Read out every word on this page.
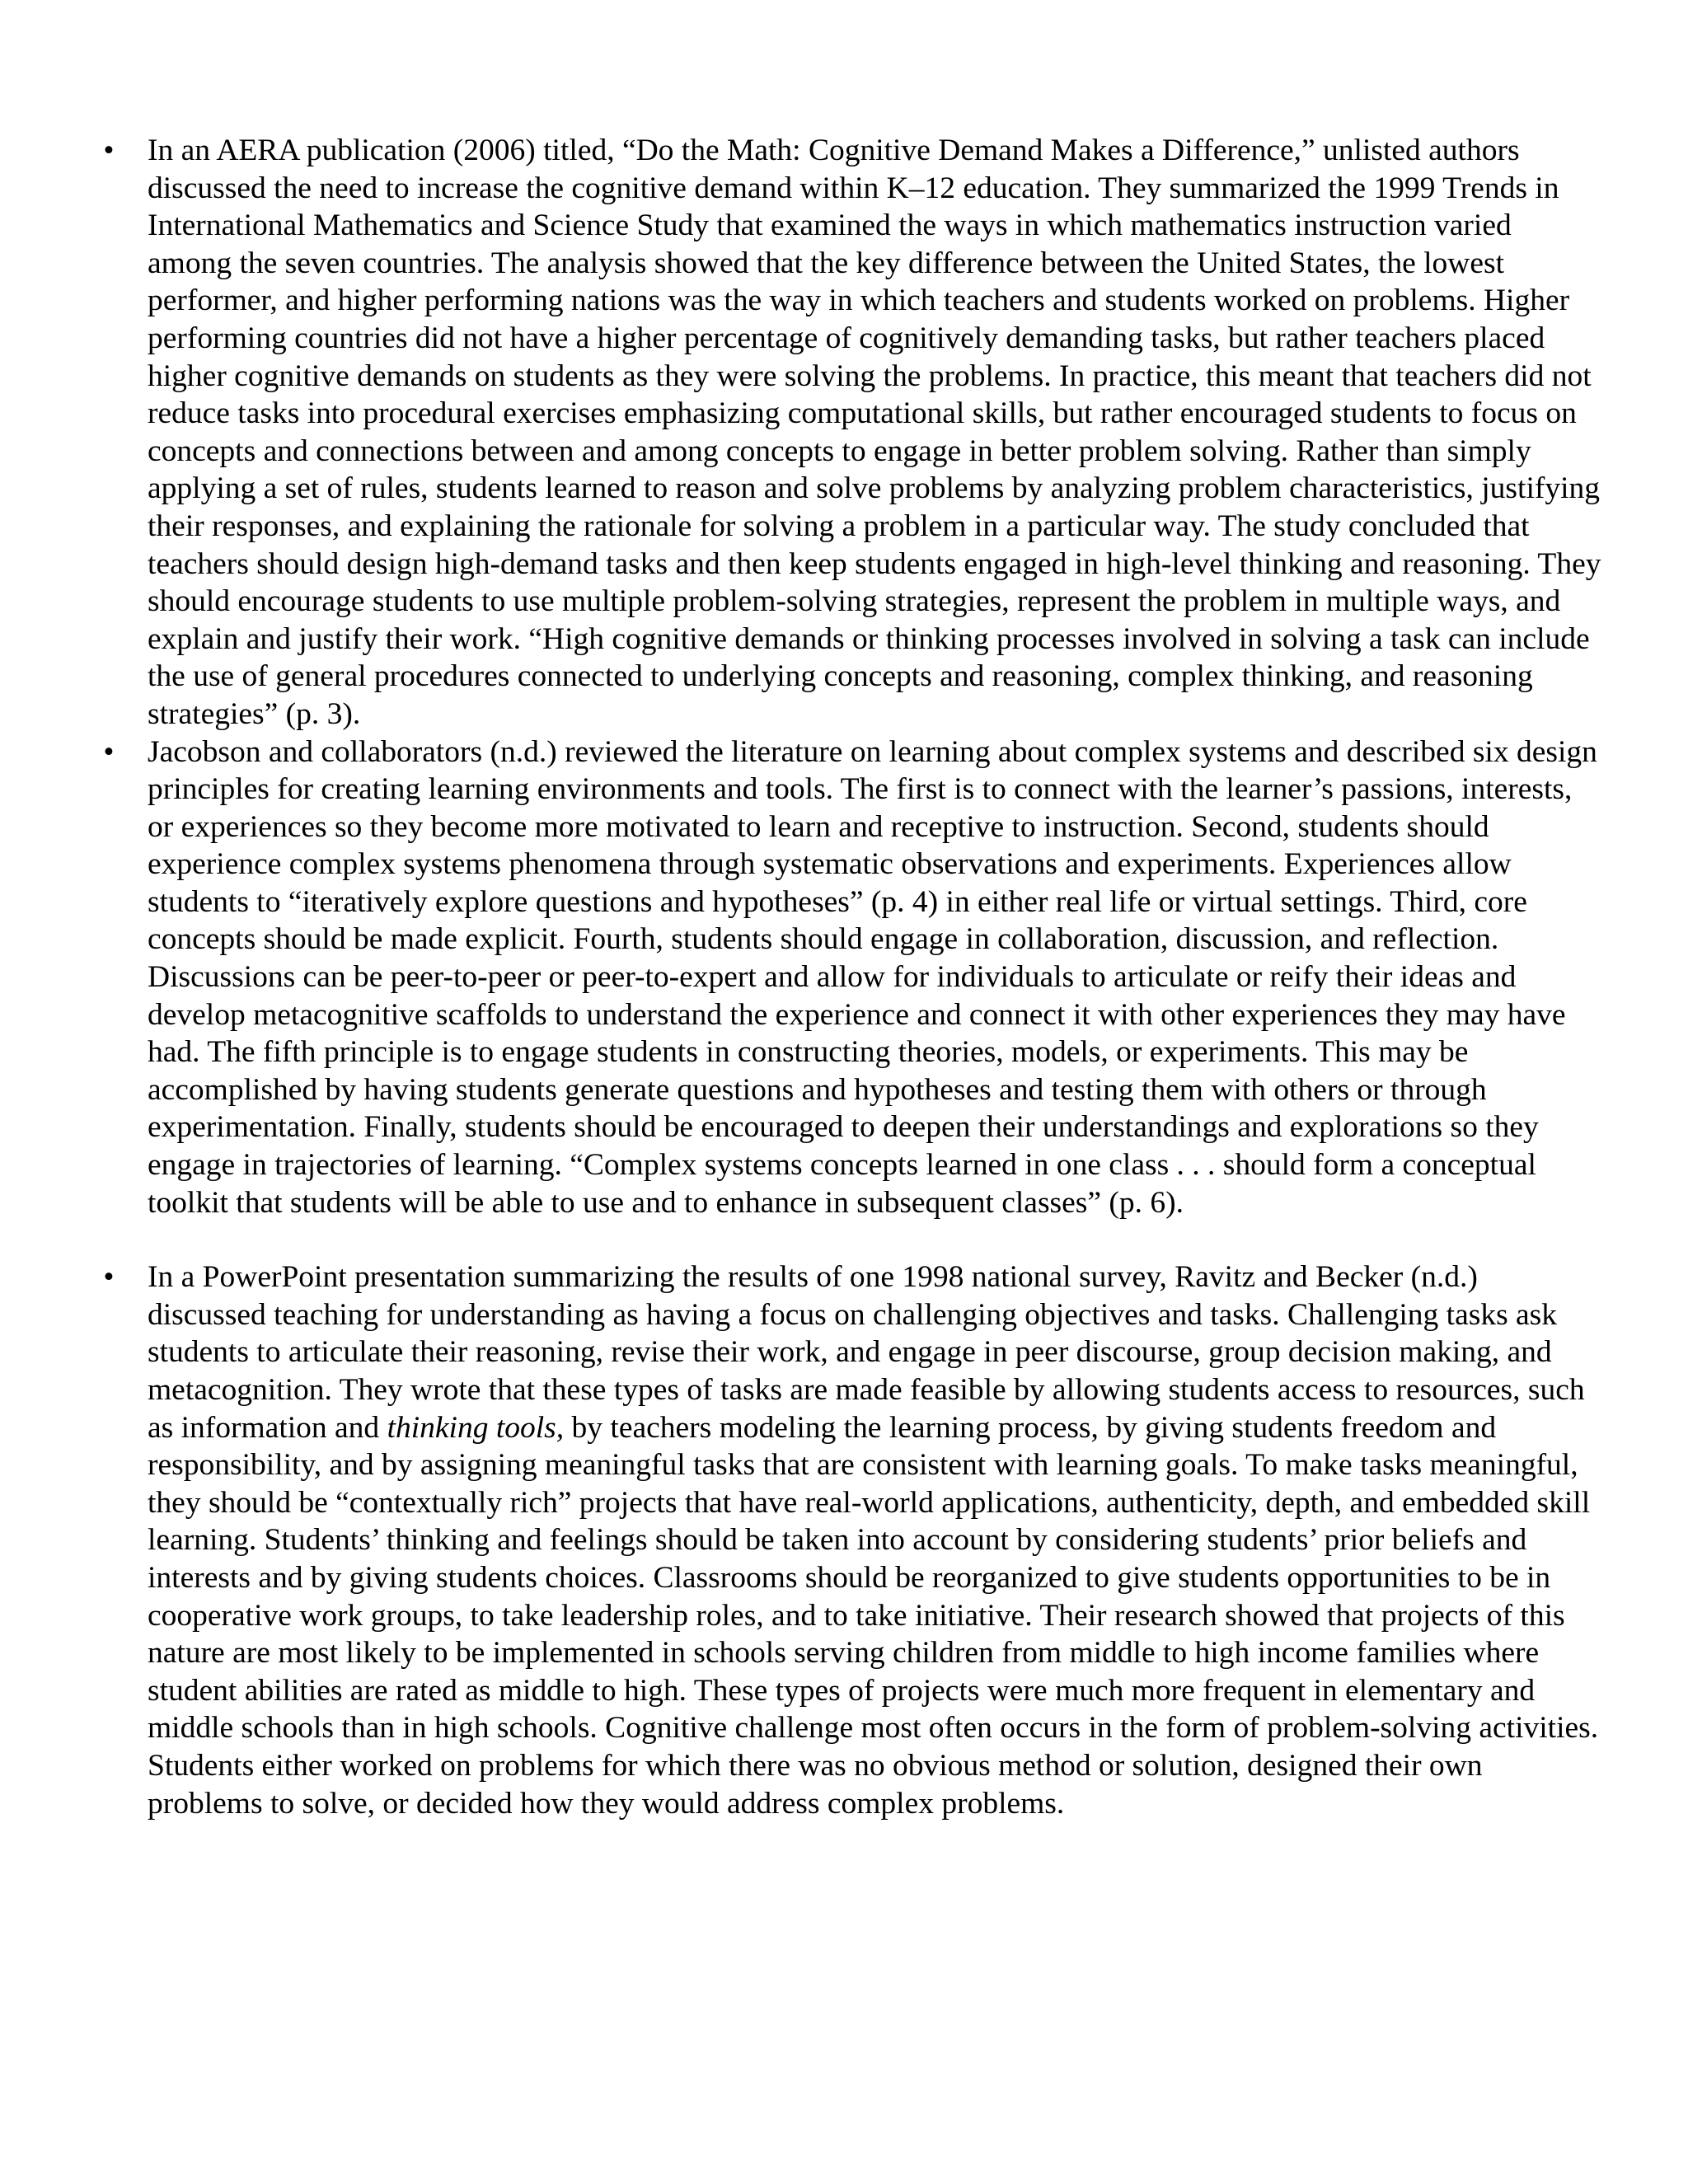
• In an AERA publication (2006) titled, “Do the Math: Cognitive Demand Makes a Difference,” unlisted authors discussed the need to increase the cognitive demand within K–12 education. They summarized the 1999 Trends in International Mathematics and Science Study that examined the ways in which mathematics instruction varied among the seven countries. The analysis showed that the key difference between the United States, the lowest performer, and higher performing nations was the way in which teachers and students worked on problems. Higher performing countries did not have a higher percentage of cognitively demanding tasks, but rather teachers placed higher cognitive demands on students as they were solving the problems. In practice, this meant that teachers did not reduce tasks into procedural exercises emphasizing computational skills, but rather encouraged students to focus on concepts and connections between and among concepts to engage in better problem solving. Rather than simply applying a set of rules, students learned to reason and solve problems by analyzing problem characteristics, justifying their responses, and explaining the rationale for solving a problem in a particular way. The study concluded that teachers should design high-demand tasks and then keep students engaged in high-level thinking and reasoning. They should encourage students to use multiple problem-solving strategies, represent the problem in multiple ways, and explain and justify their work. “High cognitive demands or thinking processes involved in solving a task can include the use of general procedures connected to underlying concepts and reasoning, complex thinking, and reasoning strategies” (p. 3).
• Jacobson and collaborators (n.d.) reviewed the literature on learning about complex systems and described six design principles for creating learning environments and tools. The first is to connect with the learner’s passions, interests, or experiences so they become more motivated to learn and receptive to instruction. Second, students should experience complex systems phenomena through systematic observations and experiments. Experiences allow students to “iteratively explore questions and hypotheses” (p. 4) in either real life or virtual settings. Third, core concepts should be made explicit. Fourth, students should engage in collaboration, discussion, and reflection. Discussions can be peer-to-peer or peer-to-expert and allow for individuals to articulate or reify their ideas and develop metacognitive scaffolds to understand the experience and connect it with other experiences they may have had. The fifth principle is to engage students in constructing theories, models, or experiments. This may be accomplished by having students generate questions and hypotheses and testing them with others or through experimentation. Finally, students should be encouraged to deepen their understandings and explorations so they engage in trajectories of learning. “Complex systems concepts learned in one class . . . should form a conceptual toolkit that students will be able to use and to enhance in subsequent classes” (p. 6).
• In a PowerPoint presentation summarizing the results of one 1998 national survey, Ravitz and Becker (n.d.) discussed teaching for understanding as having a focus on challenging objectives and tasks. Challenging tasks ask students to articulate their reasoning, revise their work, and engage in peer discourse, group decision making, and metacognition. They wrote that these types of tasks are made feasible by allowing students access to resources, such as information and thinking tools, by teachers modeling the learning process, by giving students freedom and responsibility, and by assigning meaningful tasks that are consistent with learning goals. To make tasks meaningful, they should be “contextually rich” projects that have real-world applications, authenticity, depth, and embedded skill learning. Students’ thinking and feelings should be taken into account by considering students’ prior beliefs and interests and by giving students choices. Classrooms should be reorganized to give students opportunities to be in cooperative work groups, to take leadership roles, and to take initiative. Their research showed that projects of this nature are most likely to be implemented in schools serving children from middle to high income families where student abilities are rated as middle to high. These types of projects were much more frequent in elementary and middle schools than in high schools. Cognitive challenge most often occurs in the form of problem-solving activities. Students either worked on problems for which there was no obvious method or solution, designed their own problems to solve, or decided how they would address complex problems.
